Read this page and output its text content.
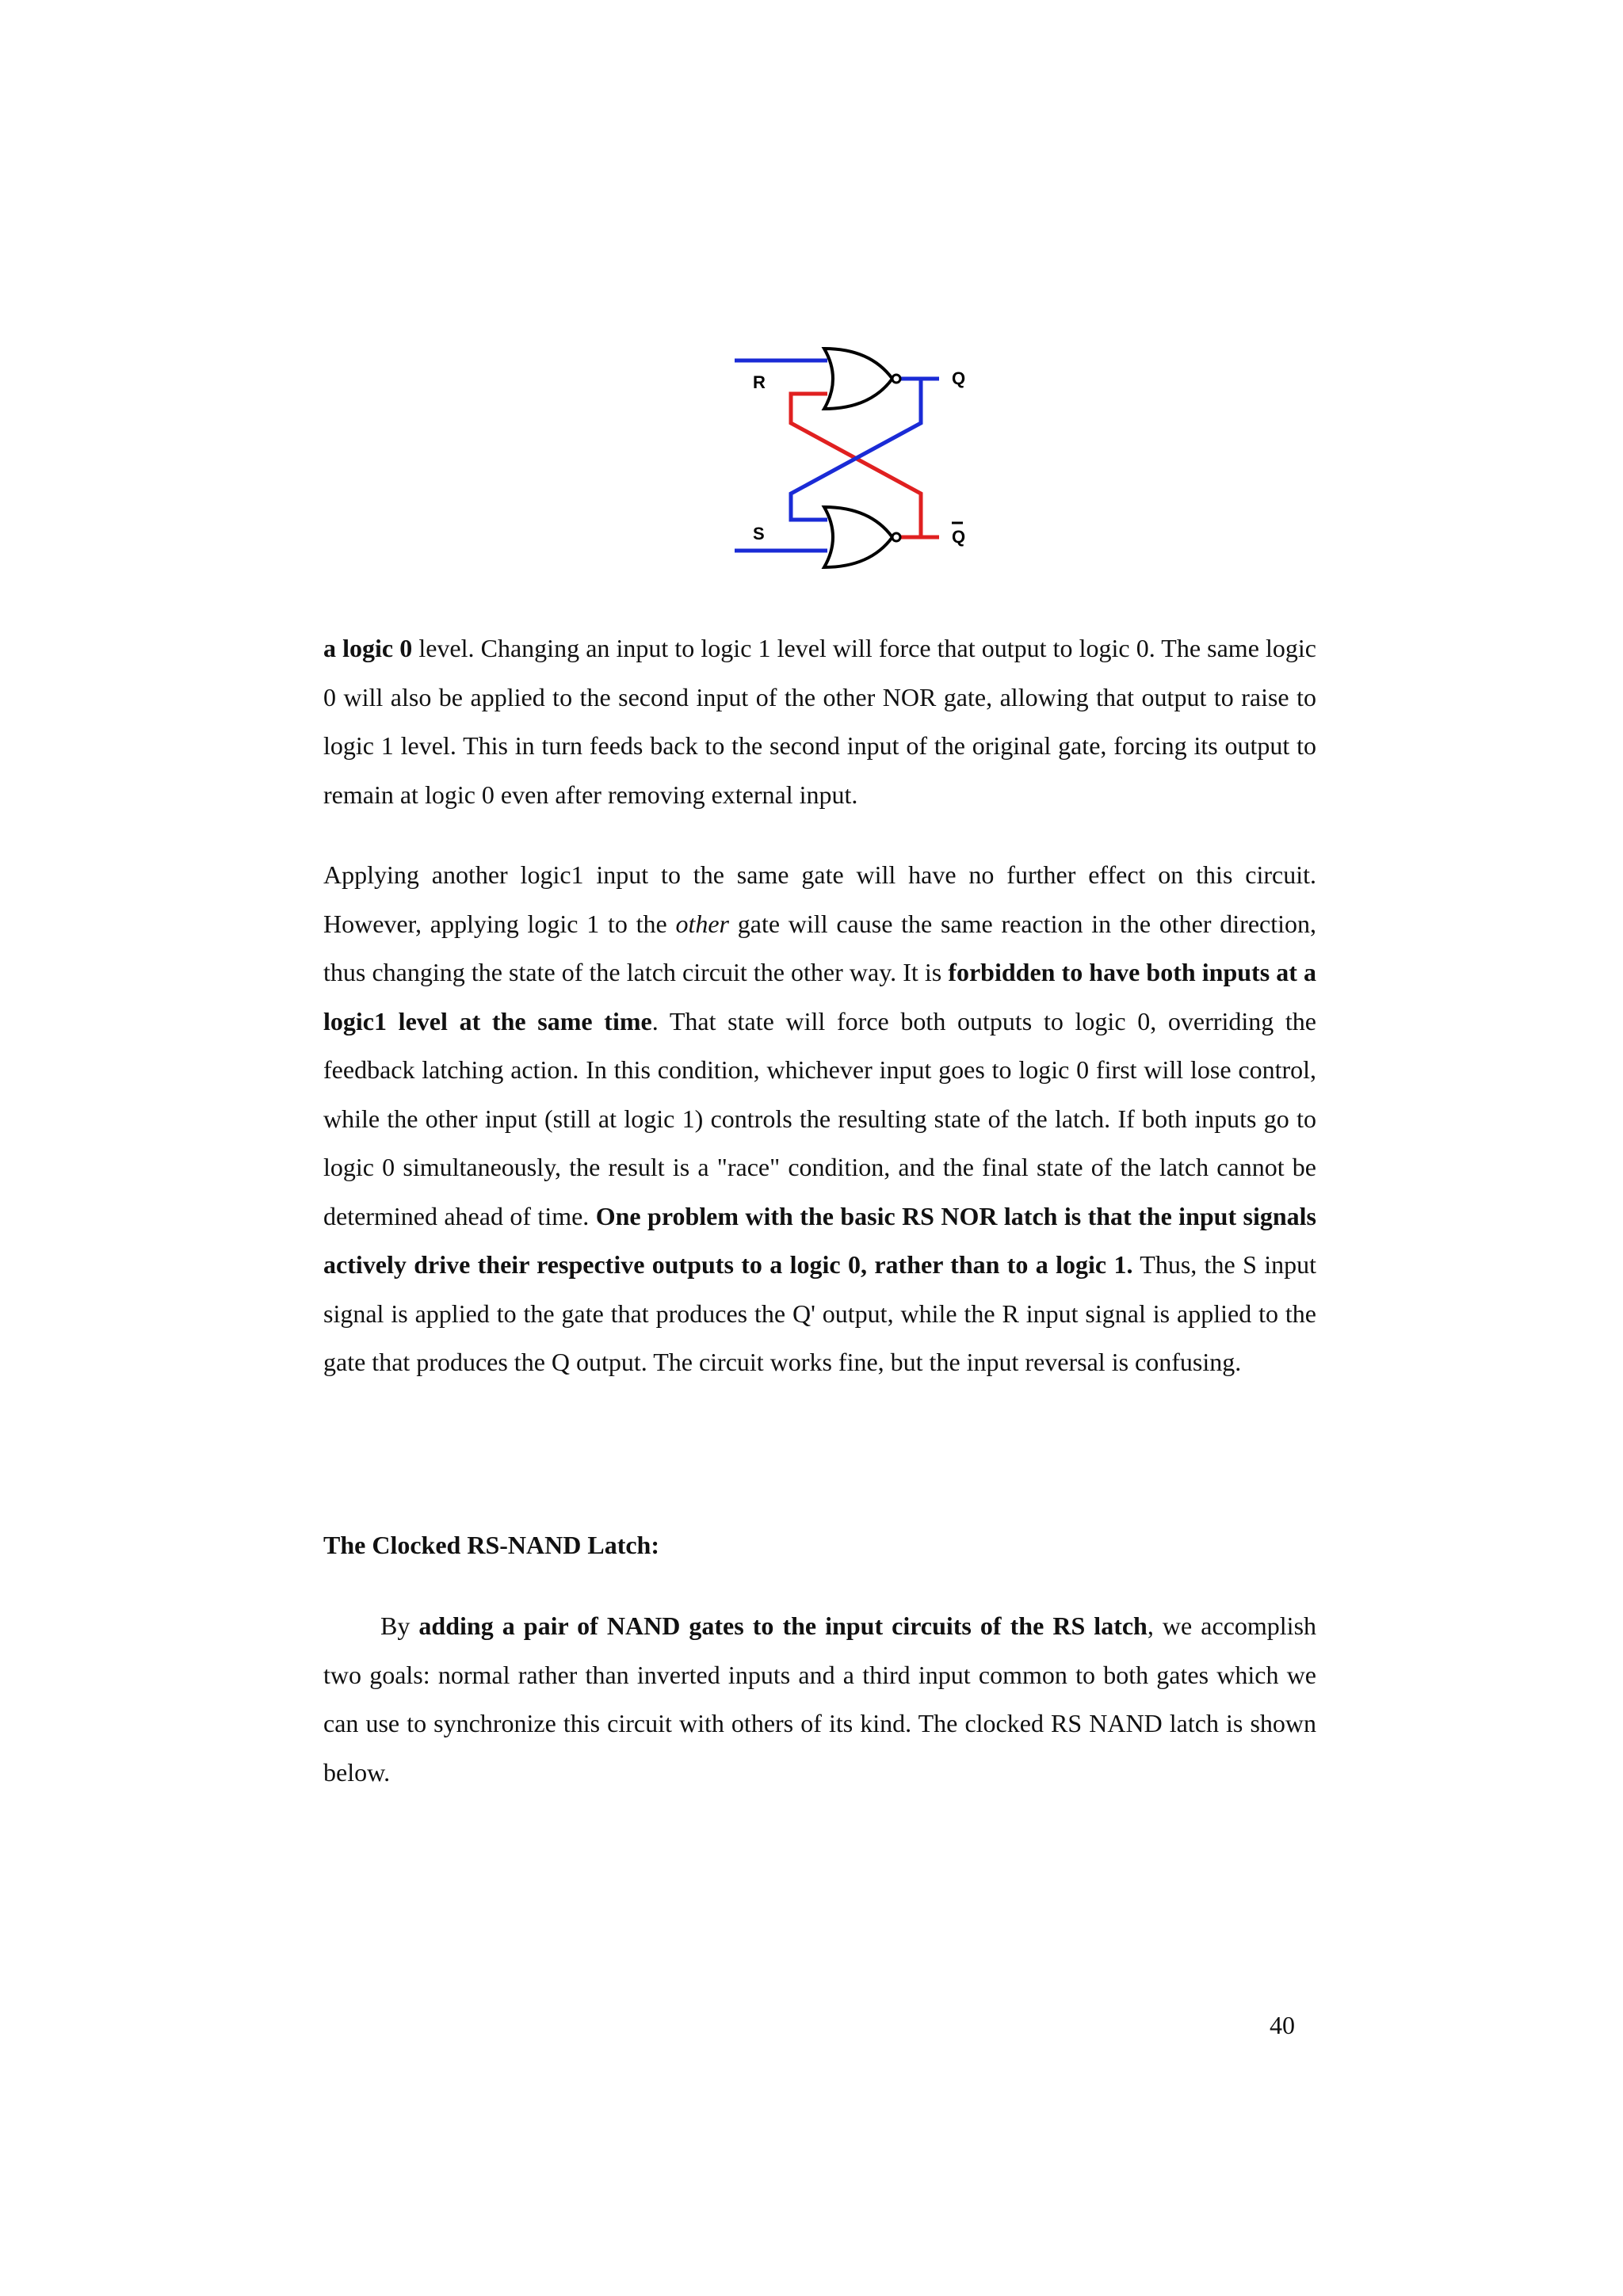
R
S
Q
Q

a logic 0 level. Changing an input to logic 1 level will force that output to logic 0. The same logic 0 will also be applied to the second input of the other NOR gate, allowing that output to raise to logic 1 level. This in turn feeds back to the second input of the original gate, forcing its output to remain at logic 0 even after removing external input.

Applying another logic1 input to the same gate will have no further effect on this circuit. However, applying logic 1 to the other gate will cause the same reaction in the other direction, thus changing the state of the latch circuit the other way. It is forbidden to have both inputs at a logic1 level at the same time. That state will force both outputs to logic 0, overriding the feedback latching action. In this condition, whichever input goes to logic 0 first will lose control, while the other input (still at logic 1) controls the resulting state of the latch. If both inputs go to logic 0 simultaneously, the result is a "race" condition, and the final state of the latch cannot be determined ahead of time. One problem with the basic RS NOR latch is that the input signals actively drive their respective outputs to a logic 0, rather than to a logic 1. Thus, the S input signal is applied to the gate that produces the Q' output, while the R input signal is applied to the gate that produces the Q output. The circuit works fine, but the input reversal is confusing.

The Clocked RS-NAND Latch:

By adding a pair of NAND gates to the input circuits of the RS latch, we accomplish two goals: normal rather than inverted inputs and a third input common to both gates which we can use to synchronize this circuit with others of its kind. The clocked RS NAND latch is shown below.

40
